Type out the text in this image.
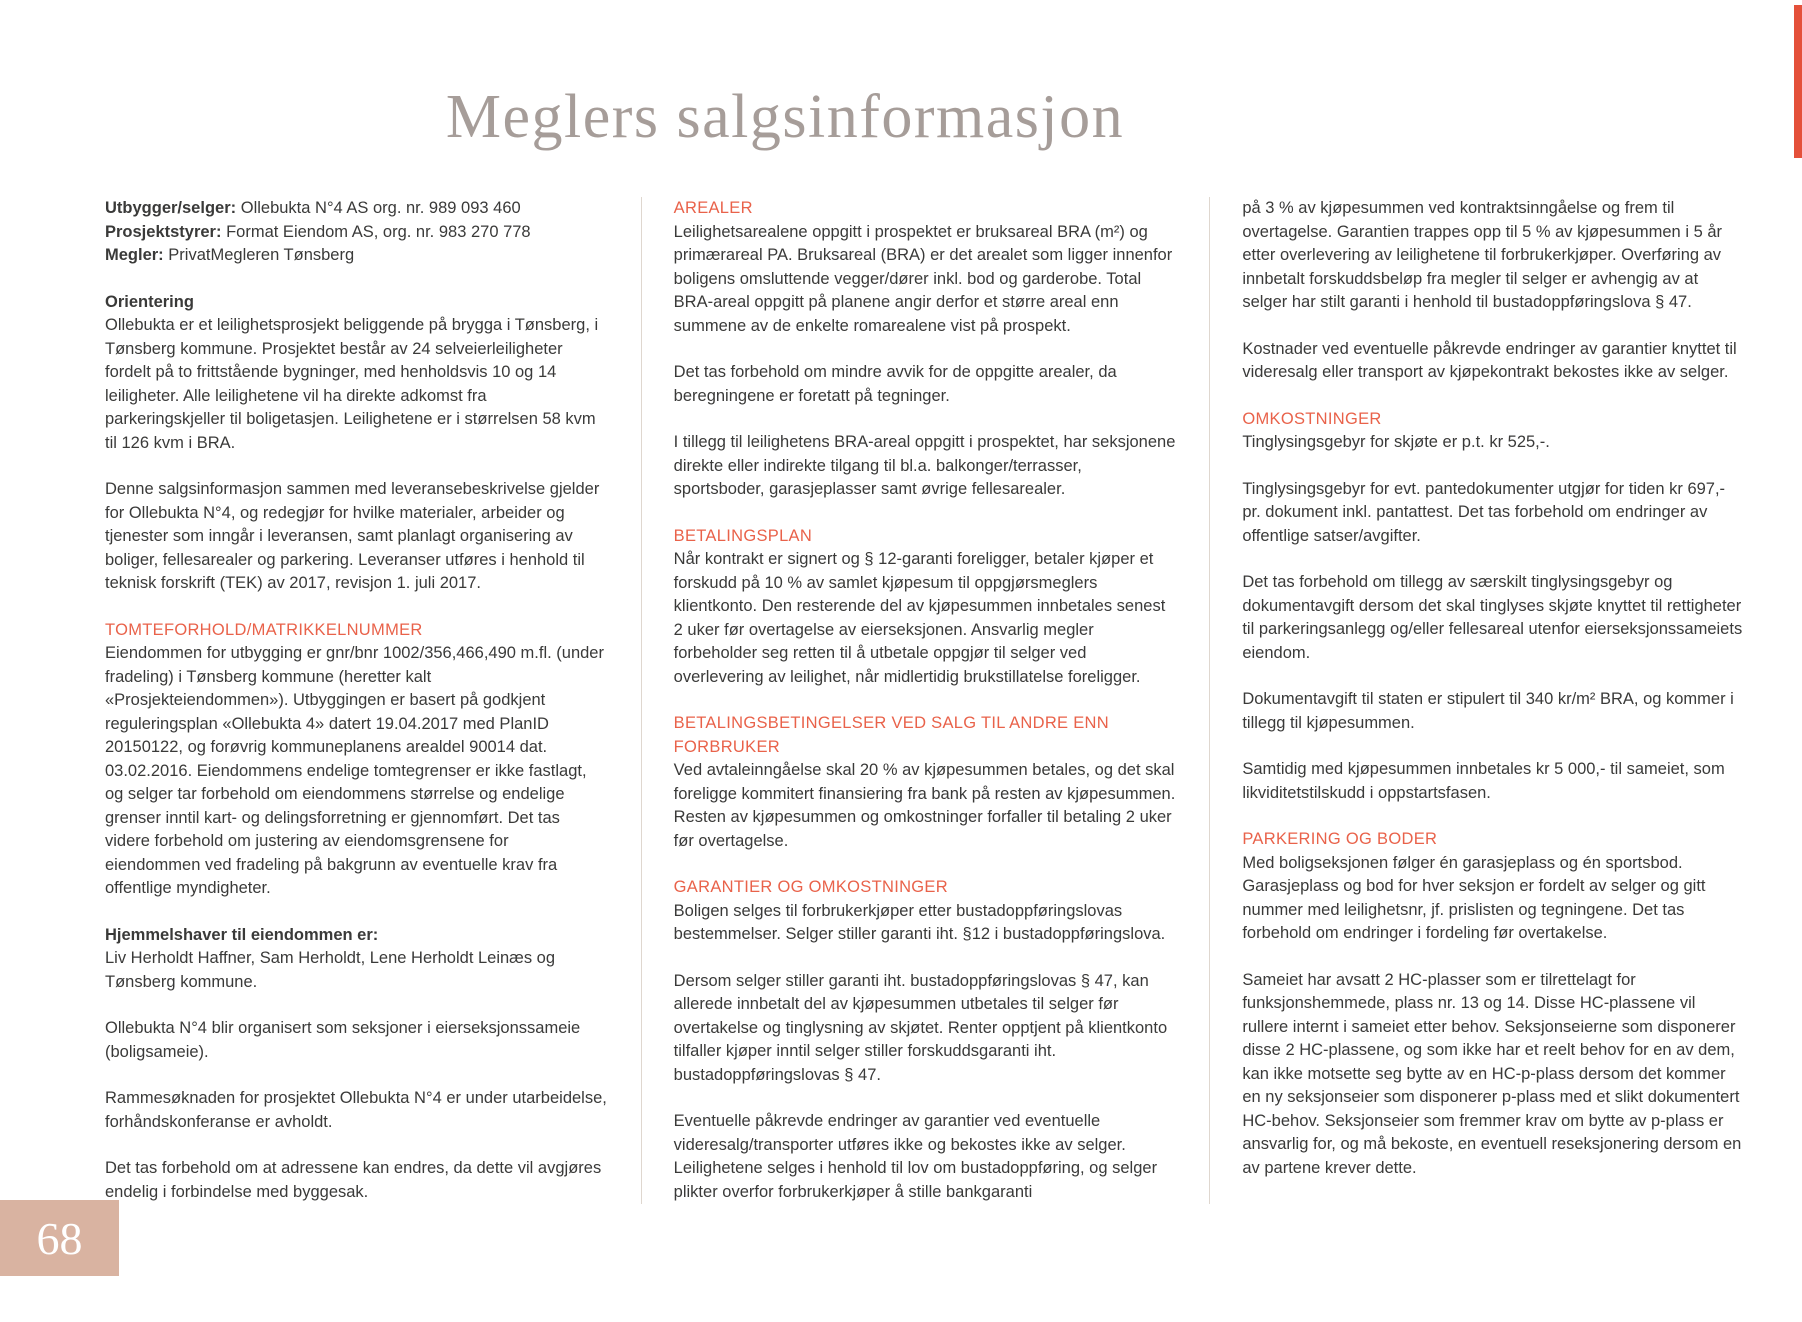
Meglers salgsinformasjon
Utbygger/selger: Ollebukta N°4 AS org. nr. 989 093 460
Prosjektstyrer: Format Eiendom AS, org. nr. 983 270 778
Megler: PrivatMegleren Tønsberg
Orientering

Ollebukta er et leilighetsprosjekt beliggende på brygga i Tønsberg, i Tønsberg kommune. Prosjektet består av 24 selveierleiligheter fordelt på to frittstående bygninger, med henholdsvis 10 og 14 leiligheter. Alle leilighetene vil ha direkte adkomst fra parkeringskjeller til boligetasjen. Leilighetene er i størrelsen 58 kvm til 126 kvm i BRA.

Denne salgsinformasjon sammen med leveransebeskrivelse gjelder for Ollebukta N°4, og redegjør for hvilke materialer, arbeider og tjenester som inngår i leveransen, samt planlagt organisering av boliger, fellesarealer og parkering. Leveranser utføres i henhold til teknisk forskrift (TEK) av 2017, revisjon 1. juli 2017.

TOMTEFORHOLD/MATRIKKELNUMMER

Eiendommen for utbygging er gnr/bnr 1002/356,466,490 m.fl. (under fradeling) i Tønsberg kommune (heretter kalt «Prosjekteiendommen»). Utbyggingen er basert på godkjent reguleringsplan «Ollebukta 4» datert 19.04.2017 med PlanID 20150122, og forøvrig kommuneplanens arealdel 90014 dat. 03.02.2016. Eiendommens endelige tomtegrenser er ikke fastlagt, og selger tar forbehold om eiendommens størrelse og endelige grenser inntil kart- og delingsforretning er gjennomført. Det tas videre forbehold om justering av eiendomsgrensene for eiendommen ved fradeling på bakgrunn av eventuelle krav fra offentlige myndigheter.

Hjemmelshaver til eiendommen er:

Liv Herholdt Haffner, Sam Herholdt, Lene Herholdt Leinæs og Tønsberg kommune.

Ollebukta N°4 blir organisert som seksjoner i eierseksjonssameie (boligsameie).

Rammesøknaden for prosjektet Ollebukta N°4 er under utarbeidelse, forhåndskonferanse er avholdt.

Det tas forbehold om at adressene kan endres, da dette vil avgjøres endelig i forbindelse med byggesak.

AREALER

Leilighetsarealene oppgitt i prospektet er bruksareal BRA (m²) og primærareal PA. Bruksareal (BRA) er det arealet som ligger innenfor boligens omsluttende vegger/dører inkl. bod og garderobe. Total BRA-areal oppgitt på planene angir derfor et større areal enn summene av de enkelte romarealene vist på prospekt.

Det tas forbehold om mindre avvik for de oppgitte arealer, da beregningene er foretatt på tegninger.

I tillegg til leilighetens BRA-areal oppgitt i prospektet, har seksjonene direkte eller indirekte tilgang til bl.a. balkonger/terrasser, sportsboder, garasjeplasser samt øvrige fellesarealer.

BETALINGSPLAN

Når kontrakt er signert og § 12-garanti foreligger, betaler kjøper et forskudd på 10 % av samlet kjøpesum til oppgjørsmeglers klientkonto. Den resterende del av kjøpesummen innbetales senest 2 uker før overtagelse av eierseksjonen. Ansvarlig megler forbeholder seg retten til å utbetale oppgjør til selger ved overlevering av leilighet, når midlertidig brukstillatelse foreligger.

BETALINGSBETINGELSER VED SALG TIL ANDRE ENN FORBRUKER

Ved avtaleinngåelse skal 20 % av kjøpesummen betales, og det skal foreligge kommitert finansiering fra bank på resten av kjøpesummen. Resten av kjøpesummen og omkostninger forfaller til betaling 2 uker før overtagelse.

GARANTIER OG OMKOSTNINGER

Boligen selges til forbrukerkjøper etter bustadoppføringslovas bestemmelser. Selger stiller garanti iht. §12 i bustadoppføringslova.

Dersom selger stiller garanti iht. bustadoppføringslovas § 47, kan allerede innbetalt del av kjøpesummen utbetales til selger før overtakelse og tinglysning av skjøtet. Renter opptjent på klientkonto tilfaller kjøper inntil selger stiller forskuddsgaranti iht. bustadoppføringslovas § 47.

Eventuelle påkrevde endringer av garantier ved eventuelle videresalg/transporter utføres ikke og bekostes ikke av selger. Leilighetene selges i henhold til lov om bustadoppføring, og selger plikter overfor forbrukerkjøper å stille bankgaranti

på 3 % av kjøpesummen ved kontraktsinngåelse og frem til overtagelse. Garantien trappes opp til 5 % av kjøpesummen i 5 år etter overlevering av leilighetene til forbrukerkjøper. Overføring av innbetalt forskuddsbeløp fra megler til selger er avhengig av at selger har stilt garanti i henhold til bustadoppføringslova § 47.

Kostnader ved eventuelle påkrevde endringer av garantier knyttet til videresalg eller transport av kjøpekontrakt bekostes ikke av selger.

OMKOSTNINGER

Tinglysingsgebyr for skjøte er p.t. kr 525,-.

Tinglysingsgebyr for evt. pantedokumenter utgjør for tiden kr 697,- pr. dokument inkl. pantattest. Det tas forbehold om endringer av offentlige satser/avgifter.

Det tas forbehold om tillegg av særskilt tinglysingsgebyr og dokumentavgift dersom det skal tinglyses skjøte knyttet til rettigheter til parkeringsanlegg og/eller fellesareal utenfor eierseksjonssameiets eiendom.

Dokumentavgift til staten er stipulert til 340 kr/m² BRA, og kommer i tillegg til kjøpesummen.

Samtidig med kjøpesummen innbetales kr 5 000,- til sameiet, som likviditetstilskudd i oppstartsfasen.

PARKERING OG BODER

Med boligseksjonen følger én garasjeplass og én sportsbod. Garasjeplass og bod for hver seksjon er fordelt av selger og gitt nummer med leilighetsnr, jf. prislisten og tegningene. Det tas forbehold om endringer i fordeling før overtakelse.

Sameiet har avsatt 2 HC-plasser som er tilrettelagt for funksjonshemmede, plass nr. 13 og 14. Disse HC-plassene vil rullere internt i sameiet etter behov. Seksjonseierne som disponerer disse 2 HC-plassene, og som ikke har et reelt behov for en av dem, kan ikke motsette seg bytte av en HC-p-plass dersom det kommer en ny seksjonseier som disponerer p-plass med et slikt dokumentert HC-behov. Seksjonseier som fremmer krav om bytte av p-plass er ansvarlig for, og må bekoste, en eventuell reseksjonering dersom en av partene krever dette.

68
